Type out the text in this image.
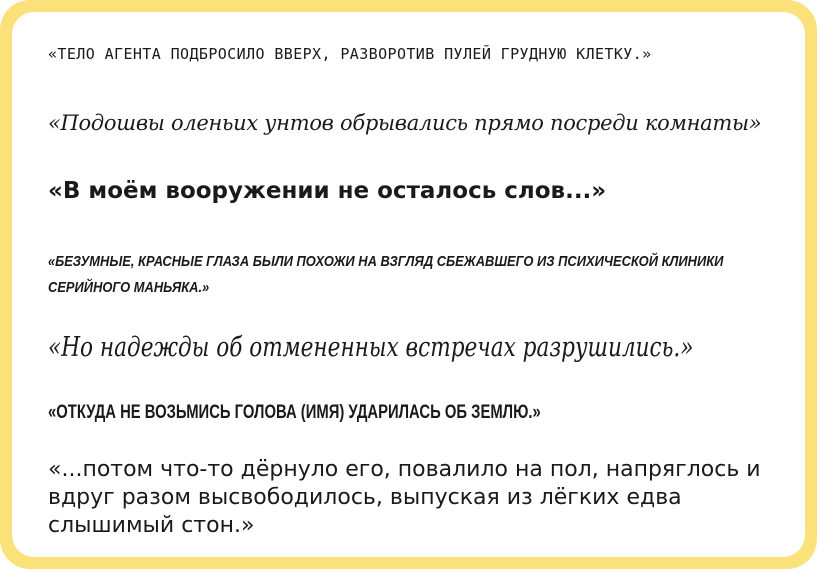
«ТЕЛО АГЕНТА ПОДБРОСИЛО ВВЕРХ, РАЗВОРОТИВ ПУЛЕЙ ГРУДНУЮ КЛЕТКУ.»

«Подошвы оленьих унтов обрывались прямо посреди комнаты»

«В моём вооружении не осталось слов...»

«БЕЗУМНЫЕ, КРАСНЫЕ ГЛАЗА БЫЛИ ПОХОЖИ НА ВЗГЛЯД СБЕЖАВШЕГО ИЗ ПСИХИЧЕСКОЙ КЛИНИКИ СЕРИЙНОГО МАНЬЯКА.»

«Но надежды об отмененных встречах разрушились.»

«ОТКУДА НЕ ВОЗЬМИСЬ ГОЛОВА (ИМЯ) УДАРИЛАСЬ ОБ ЗЕМЛЮ.»

«...потом что-то дёрнуло его, повалило на пол, напряглось и вдруг разом высвободилось, выпуская из лёгких едва слышимый стон.»
